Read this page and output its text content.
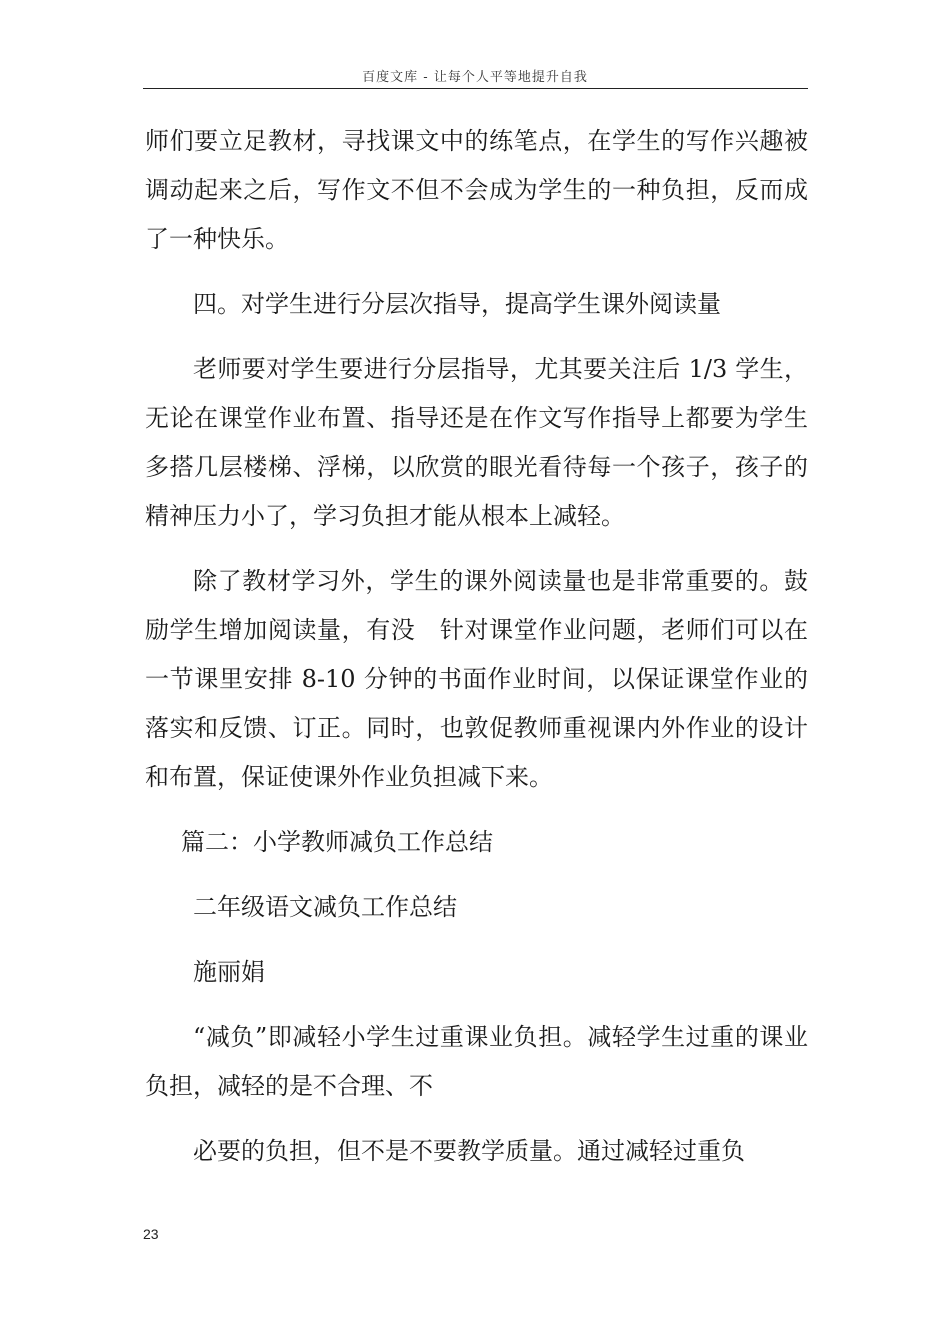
百度文库 - 让每个人平等地提升自我

师们要立足教材，寻找课文中的练笔点，在学生的写作兴趣被调动起来之后，写作文不但不会成为学生的一种负担，反而成了一种快乐。

四。对学生进行分层次指导，提高学生课外阅读量

老师要对学生要进行分层指导，尤其要关注后 1/3 学生，无论在课堂作业布置、指导还是在作文写作指导上都要为学生多搭几层楼梯、浮梯，以欣赏的眼光看待每一个孩子，孩子的精神压力小了，学习负担才能从根本上减轻。

除了教材学习外，学生的课外阅读量也是非常重要的。鼓励学生增加阅读量，有没　针对课堂作业问题，老师们可以在一节课里安排 8-10 分钟的书面作业时间，以保证课堂作业的落实和反馈、订正。同时，也敦促教师重视课内外作业的设计和布置，保证使课外作业负担减下来。

篇二：小学教师减负工作总结

二年级语文减负工作总结

施丽娟

“减负”即减轻小学生过重课业负担。减轻学生过重的课业负担，减轻的是不合理、不

必要的负担，但不是不要教学质量。通过减轻过重负

23
